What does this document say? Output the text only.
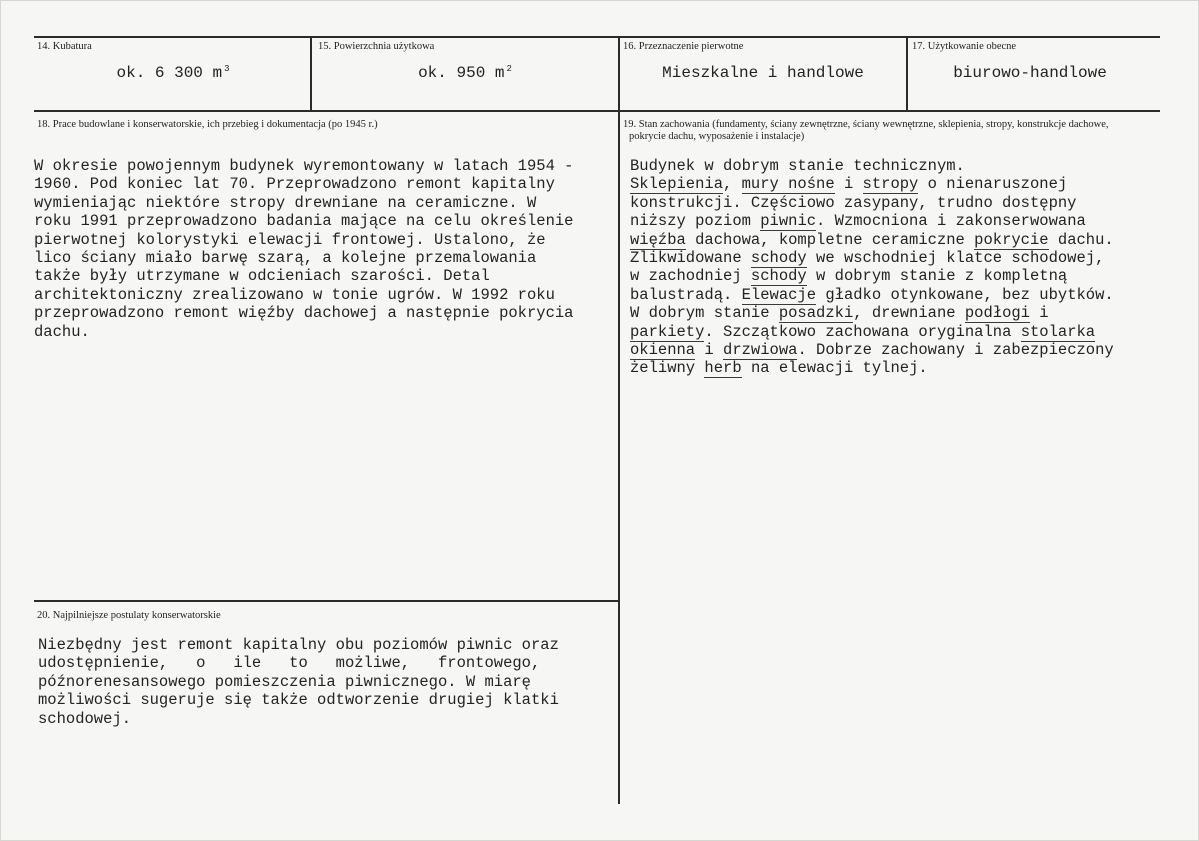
14. Kubatura
ok. 6 300 m $^3$
15. Powierzchnia użytkowa
ok. 950 m $^2$
16. Przeznaczenie pierwotne
Mieszkalne i handlowe
17. Użytkowanie obecne
biurowo-handlowe
18. Prace budowlane i konserwatorskie, ich przebieg i dokumentacja (po 1945 r.)
W okresie powojennym budynek wyremontowany w latach 1954 -
1960. Pod koniec lat 70. Przeprowadzono remont kapitalny
wymieniając niektóre stropy drewniane na ceramiczne. W
roku 1991 przeprowadzono badania mające na celu określenie
pierwotnej kolorystyki elewacji frontowej. Ustalono, że
lico ściany miało barwę szarą, a kolejne przemalowania
także były utrzymane w odcieniach szarości. Detal
architektoniczny zrealizowano w tonie ugrów. W 1992 roku
przeprowadzono remont więźby dachowej a następnie pokrycia
dachu.
19. Stan zachowania (fundamenty, ściany zewnętrzne, ściany wewnętrzne, sklepienia, stropy, konstrukcje dachowe,
pokrycie dachu, wyposażenie i instalacje)
Budynek w dobrym stanie technicznym.
Sklepienia, mury nośne i stropy o nienaruszonej
konstrukcji. Częściowo zasypany, trudno dostępny
niższy poziom piwnic. Wzmocniona i zakonserwowana
więźba dachowa, kompletne ceramiczne pokrycie dachu.
Zlikwidowane schody we wschodniej klatce schodowej,
w zachodniej schody w dobrym stanie z kompletną
balustradą. Elewacje gładko otynkowane, bez ubytków.
W dobrym stanie posadzki, drewniane podłogi i
parkiety. Szczątkowo zachowana oryginalna stolarka
okienna i drzwiowa. Dobrze zachowany i zabezpieczony
żeliwny herb na elewacji tylnej.
20. Najpilniejsze postulaty konserwatorskie
Niezbędny jest remont kapitalny obu poziomów piwnic oraz
udostępnienie,   o   ile   to   możliwe,   frontowego,
późnorenesansowego pomieszczenia piwnicznego. W miarę
możliwości sugeruje się także odtworzenie drugiej klatki
schodowej.
